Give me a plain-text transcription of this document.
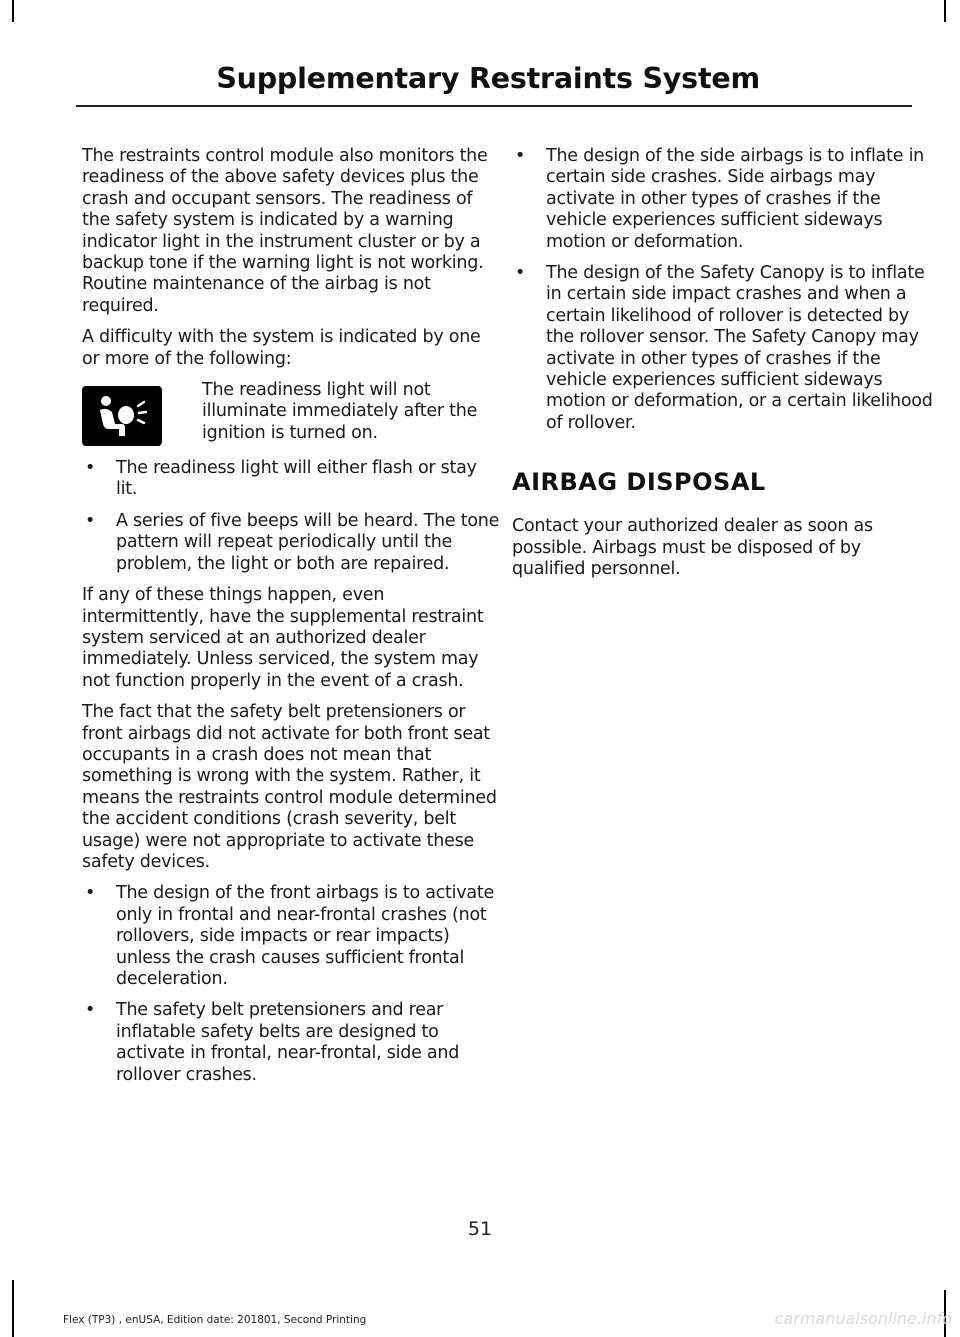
Supplementary Restraints System

The restraints control module also monitors the readiness of the above safety devices plus the crash and occupant sensors. The readiness of the safety system is indicated by a warning indicator light in the instrument cluster or by a backup tone if the warning light is not working. Routine maintenance of the airbag is not required.

A difficulty with the system is indicated by one or more of the following:

The readiness light will not illuminate immediately after the ignition is turned on.
• The readiness light will either flash or stay lit.
• A series of five beeps will be heard. The tone pattern will repeat periodically until the problem, the light or both are repaired.

If any of these things happen, even intermittently, have the supplemental restraint system serviced at an authorized dealer immediately. Unless serviced, the system may not function properly in the event of a crash.

The fact that the safety belt pretensioners or front airbags did not activate for both front seat occupants in a crash does not mean that something is wrong with the system. Rather, it means the restraints control module determined the accident conditions (crash severity, belt usage) were not appropriate to activate these safety devices.

• The design of the front airbags is to activate only in frontal and near-frontal crashes (not rollovers, side impacts or rear impacts) unless the crash causes sufficient frontal deceleration.
• The safety belt pretensioners and rear inflatable safety belts are designed to activate in frontal, near-frontal, side and rollover crashes.
• The design of the side airbags is to inflate in certain side crashes. Side airbags may activate in other types of crashes if the vehicle experiences sufficient sideways motion or deformation.
• The design of the Safety Canopy is to inflate in certain side impact crashes and when a certain likelihood of rollover is detected by the rollover sensor. The Safety Canopy may activate in other types of crashes if the vehicle experiences sufficient sideways motion or deformation, or a certain likelihood of rollover.
AIRBAG DISPOSAL

Contact your authorized dealer as soon as possible. Airbags must be disposed of by qualified personnel.

51
Flex (TP3) , enUSA, Edition date: 201801, Second Printing	carmanualsonline.info
